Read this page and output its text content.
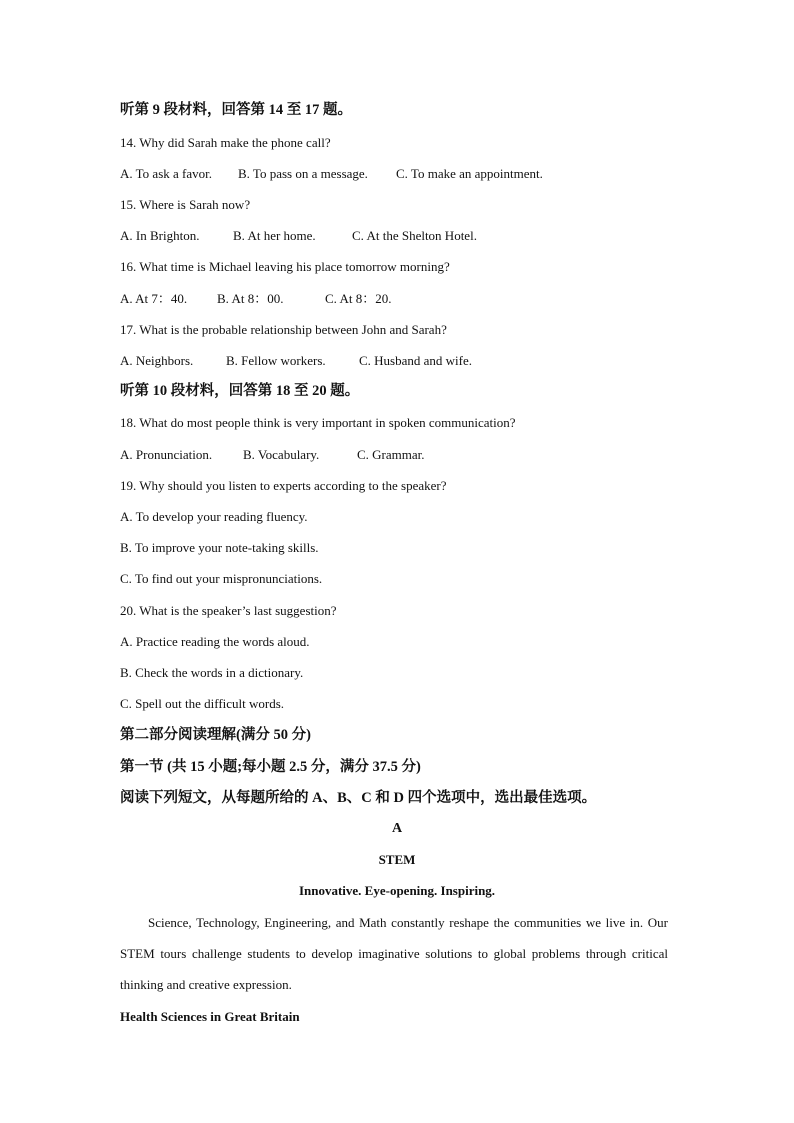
听第 9 段材料，回答第 14 至 17 题。
14. Why did Sarah make the phone call?
A. To ask a favor. B. To pass on a message. C. To make an appointment.
15. Where is Sarah now?
A. In Brighton.	B. At her home.	C. At the Shelton Hotel.
16. What time is Michael leaving his place tomorrow morning?
A. At 7：40. B. At 8：00.	C. At 8：20.
17. What is the probable relationship between John and Sarah?
A. Neighbors.	B. Fellow workers.	C. Husband and wife.
听第 10 段材料，回答第 18 至 20 题。
18. What do most people think is very important in spoken communication?
A. Pronunciation. B. Vocabulary.	C. Grammar.
19. Why should you listen to experts according to the speaker?
A. To develop your reading fluency.
B. To improve your note-taking skills.
C. To find out your mispronunciations.
20. What is the speaker’s last suggestion?
A. Practice reading the words aloud.
B. Check the words in a dictionary.
C. Spell out the difficult words.
第二部分阅读理解(满分 50 分)
第一节 (共 15 小题;每小题 2.5 分，满分 37.5 分)
阅读下列短文，从每题所给的 A、B、C 和 D 四个选项中，选出最佳选项。
A
STEM
Innovative. Eye-opening. Inspiring.
Science, Technology, Engineering, and Math constantly reshape the communities we live in. Our STEM tours challenge students to develop imaginative solutions to global problems through critical thinking and creative expression.
Health Sciences in Great Britain
